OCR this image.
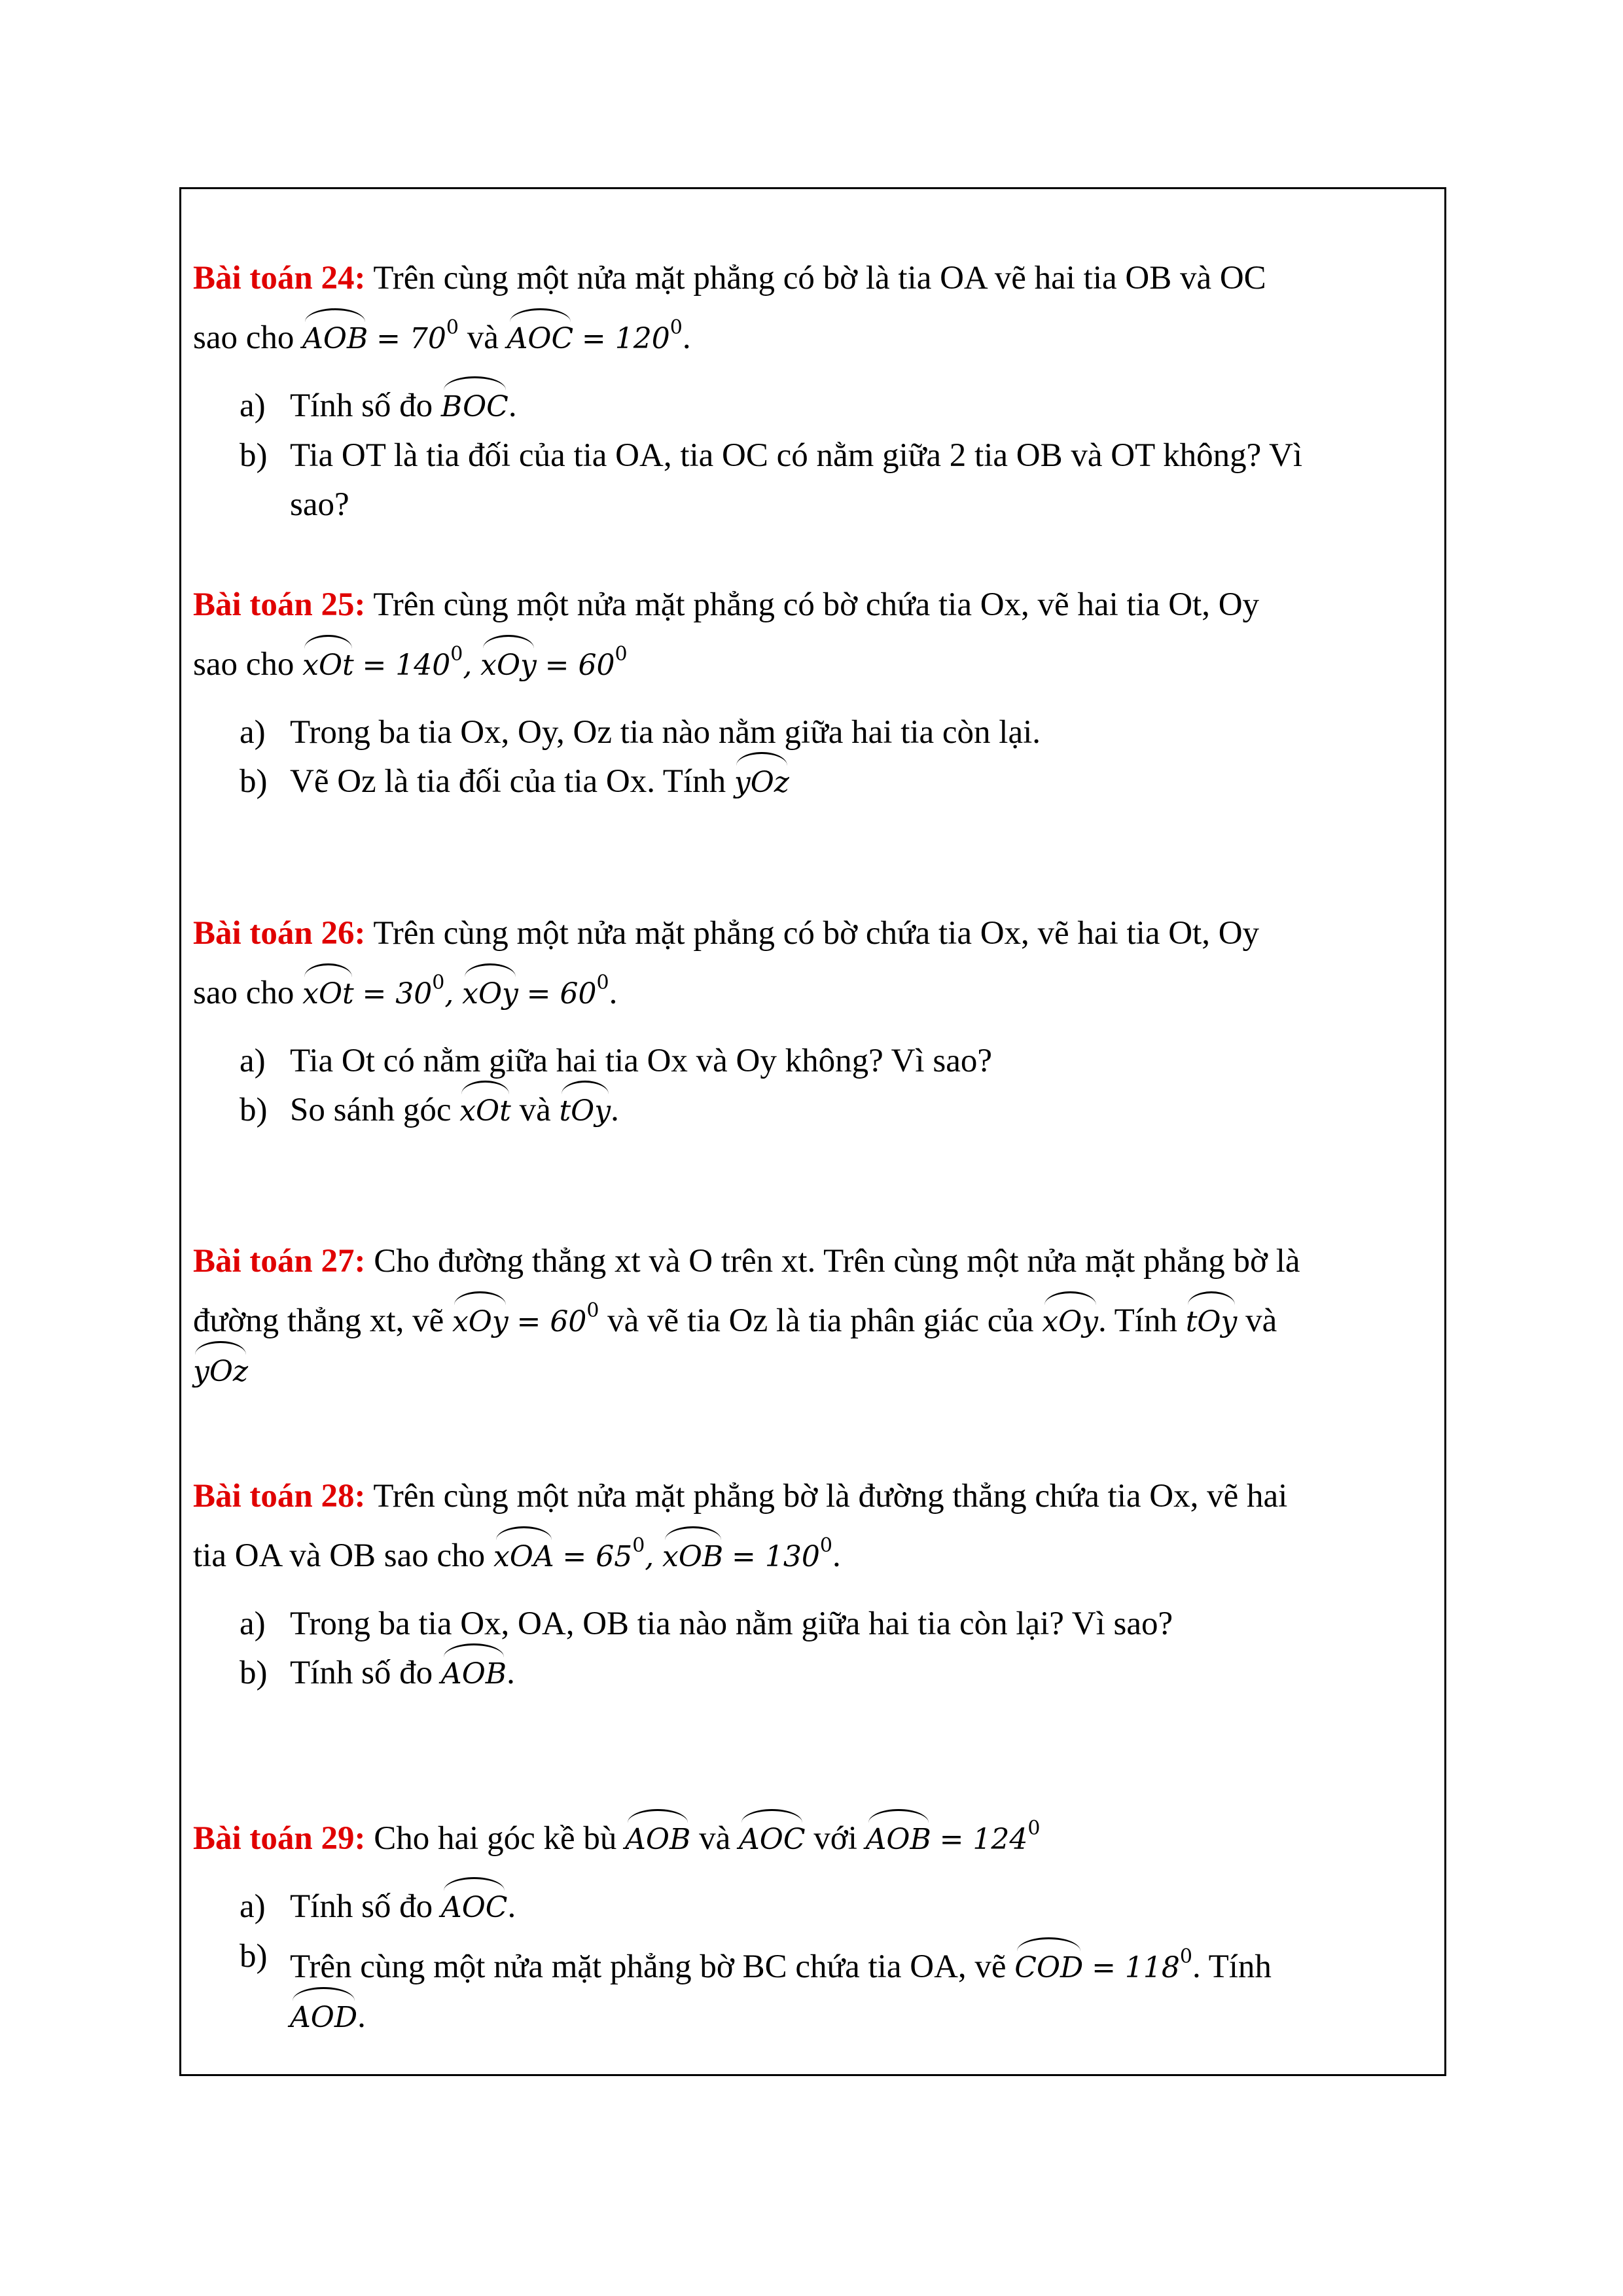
Bài toán 24: Trên cùng một nửa mặt phẳng có bờ là tia OA vẽ hai tia OB và OC
sao cho AOB = $70^0$ và AOC = $120^0$.

a) Tính số đo BOC.
b) Tia OT là tia đối của tia OA, tia OC có nằm giữa 2 tia OB và OT không? Vì
sao?

Bài toán 25: Trên cùng một nửa mặt phẳng có bờ chứa tia Ox, vẽ hai tia Ot, Oy
sao cho xOt = $140^0$, xOy = $60^0$

a) Trong ba tia Ox, Oy, Oz tia nào nằm giữa hai tia còn lại.
b) Vẽ Oz là tia đối của tia Ox. Tính yOz

Bài toán 26: Trên cùng một nửa mặt phẳng có bờ chứa tia Ox, vẽ hai tia Ot, Oy
sao cho xOt = $30^0$, xOy = $60^0$.

a) Tia Ot có nằm giữa hai tia Ox và Oy không? Vì sao?
b) So sánh góc xOt và tOy.

Bài toán 27: Cho đường thẳng xt và O trên xt. Trên cùng một nửa mặt phẳng bờ là
đường thẳng xt, vẽ xOy = $60^0$ và vẽ tia Oz là tia phân giác của xOy. Tính tOy và
yOz

Bài toán 28: Trên cùng một nửa mặt phẳng bờ là đường thẳng chứa tia Ox, vẽ hai
tia OA và OB sao cho xOA = $65^0$, xOB = $130^0$.

a) Trong ba tia Ox, OA, OB tia nào nằm giữa hai tia còn lại? Vì sao?
b) Tính số đo AOB.

Bài toán 29: Cho hai góc kề bù AOB và AOC với AOB = $124^0$

a) Tính số đo AOC.
b) Trên cùng một nửa mặt phẳng bờ BC chứa tia OA, vẽ COD = $118^0$. Tính
AOD.
